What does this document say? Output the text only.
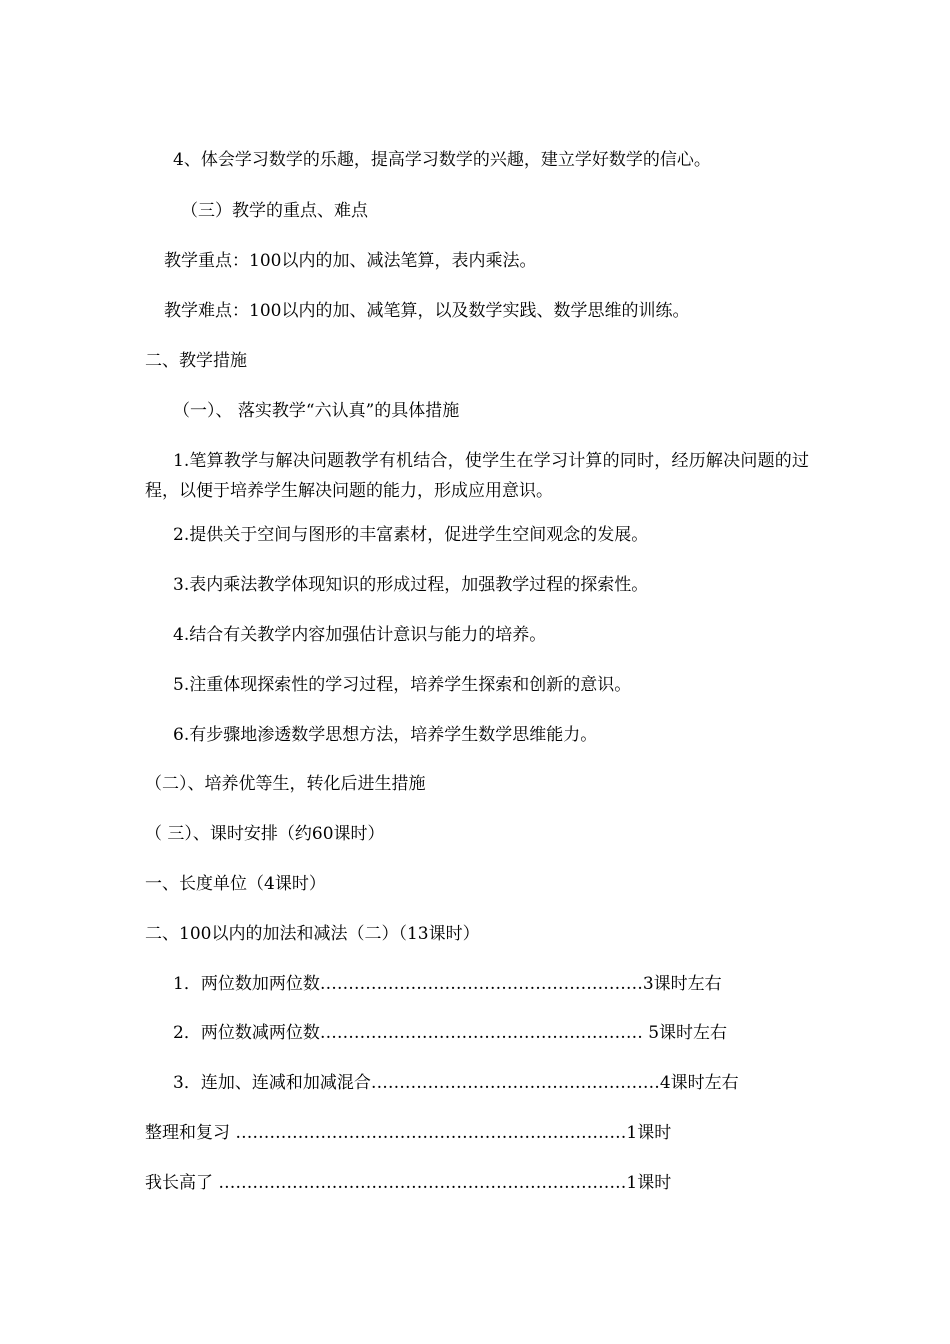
4、体会学习数学的乐趣，提高学习数学的兴趣，建立学好数学的信心。
（三）教学的重点、难点
教学重点：100以内的加、减法笔算，表内乘法。
教学难点：100以内的加、减笔算，以及数学实践、数学思维的训练。
二、教学措施
（一）、 落实教学“六认真”的具体措施
1.笔算教学与解决问题教学有机结合，使学生在学习计算的同时，经历解决问题的过程，以便于培养学生解决问题的能力，形成应用意识。
2.提供关于空间与图形的丰富素材，促进学生空间观念的发展。
3.表内乘法教学体现知识的形成过程，加强教学过程的探索性。
4.结合有关教学内容加强估计意识与能力的培养。
5.注重体现探索性的学习过程，培养学生探索和创新的意识。
6.有步骤地渗透数学思想方法，培养学生数学思维能力。
（二）、培养优等生，转化后进生措施
（ 三）、课时安排（约60课时）
一、长度单位（4课时）
二、100以内的加法和减法（二）（13课时）
1．两位数加两位数…………………………………………………3课时左右
2．两位数减两位数………………………………………………… 5课时左右
3．连加、连减和加减混合……………………………………………4课时左右
整理和复习 ……………………………………………………………1课时
我长高了 ………………………………………………………………1课时
